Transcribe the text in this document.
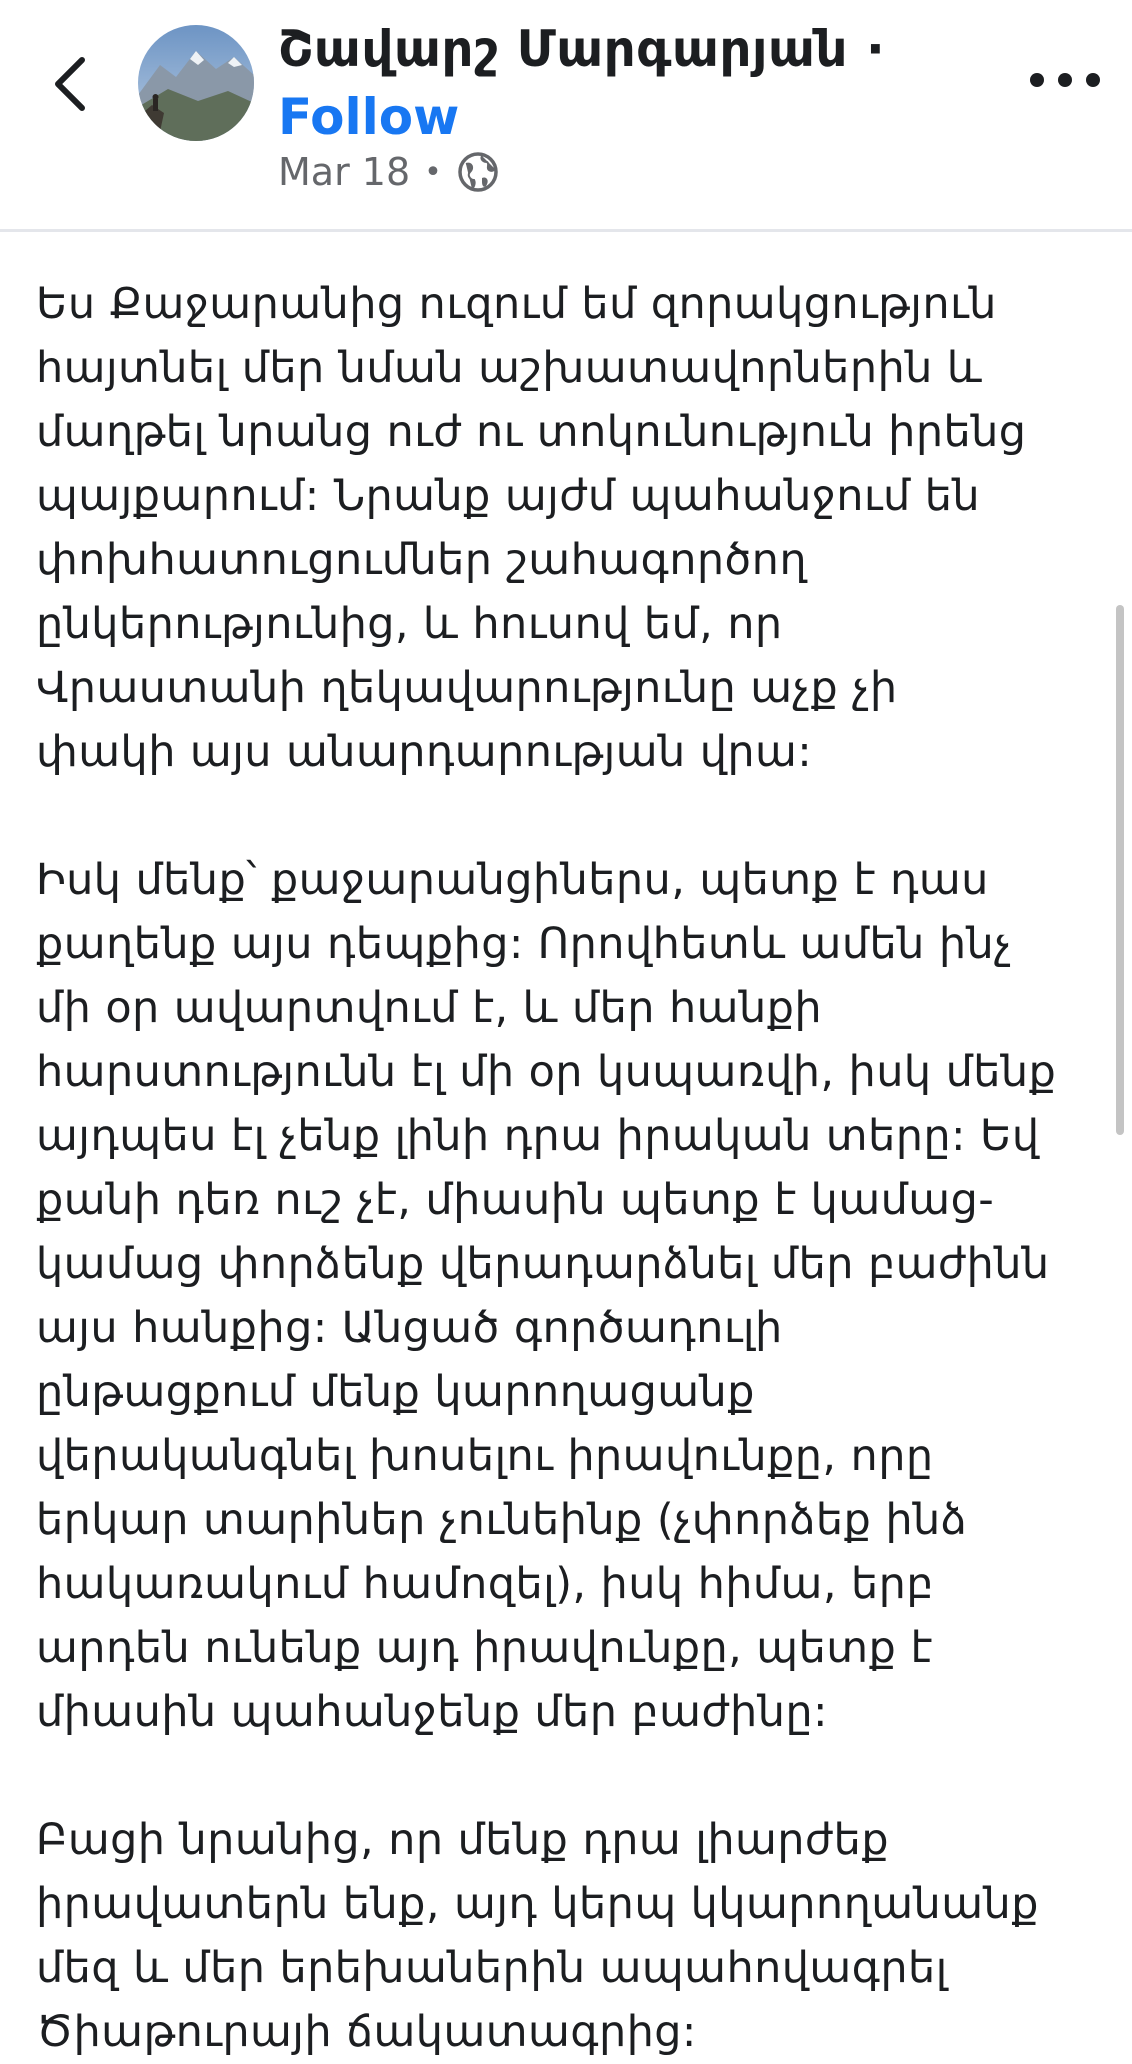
Շավարշ Մարգարյան ·
Follow
Mar 18 •
Ես Քաջարանից ուզում եմ զորակցություն
հայտնել մեր նման աշխատավորներին և
մաղթել նրանց ուժ ու տոկունություն իրենց
պայքարում: Նրանք այժմ պահանջում են
փոխհատուցումներ շահագործող
ընկերությունից, և հուսով եմ, որ
Վրաստանի ղեկավարությունը աչք չի
փակի այս անարդարության վրա:
Իսկ մենք՝ քաջարանցիներս, պետք է դաս
քաղենք այս դեպքից: Որովհետև ամեն ինչ
մի օր ավարտվում է, և մեր հանքի
հարստությունն էլ մի օր կսպառվի, իսկ մենք
այդպես էլ չենք լինի դրա իրական տերը: Եվ
քանի դեռ ուշ չէ, միասին պետք է կամաց-
կամաց փորձենք վերադարձնել մեր բաժինն
այս հանքից: Անցած գործադուլի
ընթացքում մենք կարողացանք
վերականգնել խոսելու իրավունքը, որը
երկար տարիներ չունեինք (չփորձեք ինձ
հակառակում համոզել), իսկ հիմա, երբ
արդեն ունենք այդ իրավունքը, պետք է
միասին պահանջենք մեր բաժինը:
Բացի նրանից, որ մենք դրա լիարժեք
իրավատերն ենք, այդ կերպ կկարողանանք
մեզ և մեր երեխաներին ապահովագրել
Ծիաթուրայի ճակատագրից:
